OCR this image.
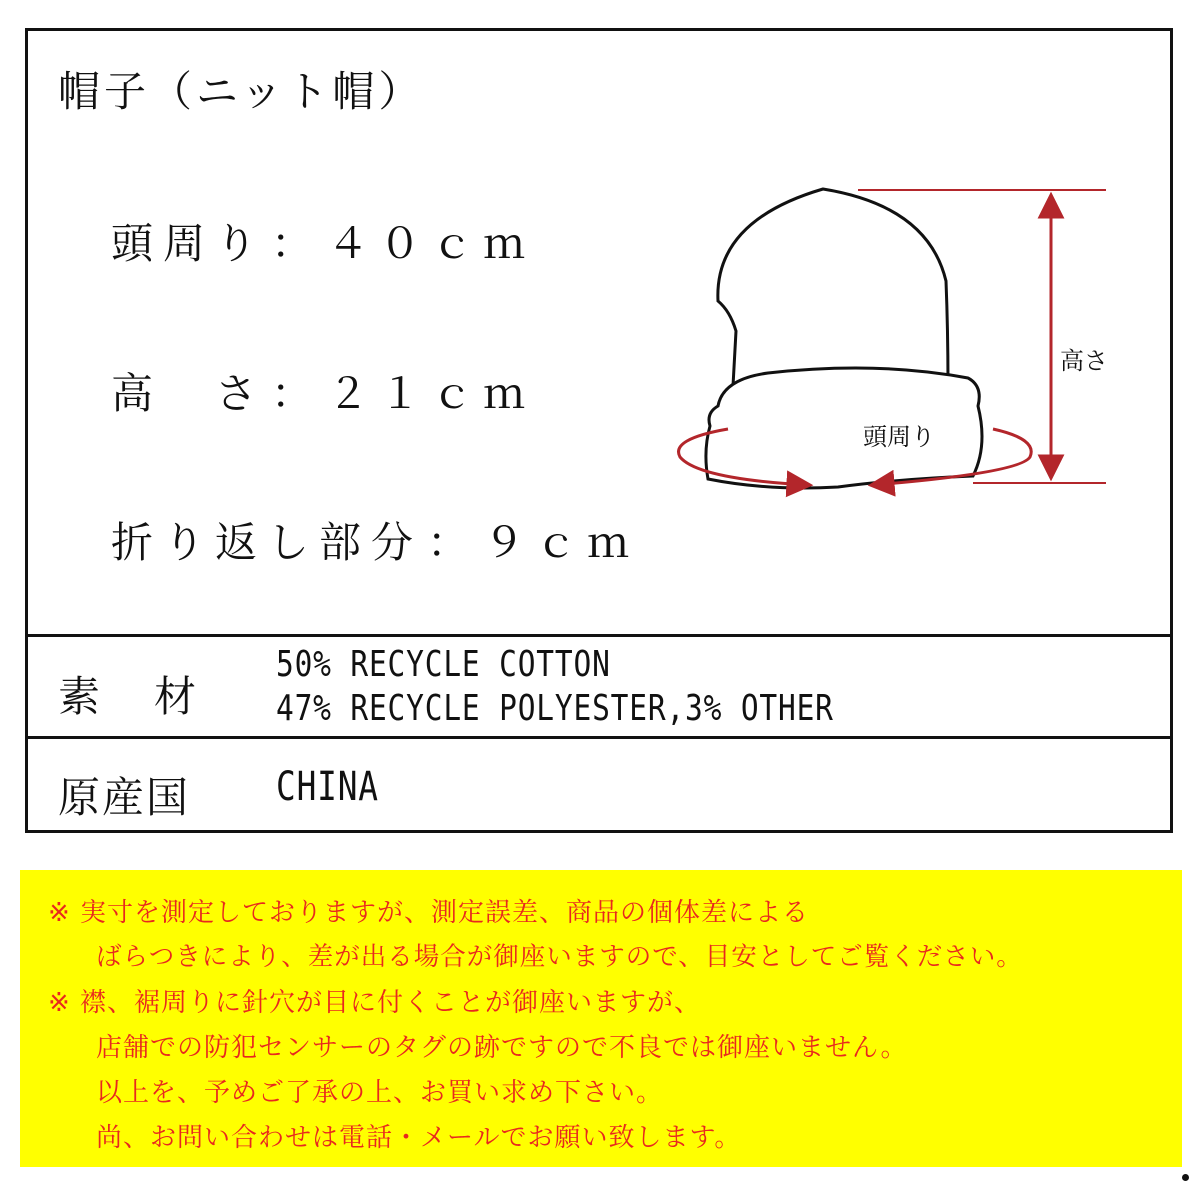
帽子（ニット帽）
頭周り：４０ｃｍ
高　さ：２１ｃｍ
折り返し部分：９ｃｍ
高さ
頭周り
素　材
50% RECYCLE COTTON
47% RECYCLE POLYESTER,3% OTHER
原産国 CHINA
※ 実寸を測定しておりますが、測定誤差、商品の個体差による
ばらつきにより、差が出る場合が御座いますので、目安としてご覧ください。
※ 襟、裾周りに針穴が目に付くことが御座いますが、
店舗での防犯センサーのタグの跡ですので不良では御座いません。
以上を、予めご了承の上、お買い求め下さい。
尚、お問い合わせは電話・メールでお願い致します。
